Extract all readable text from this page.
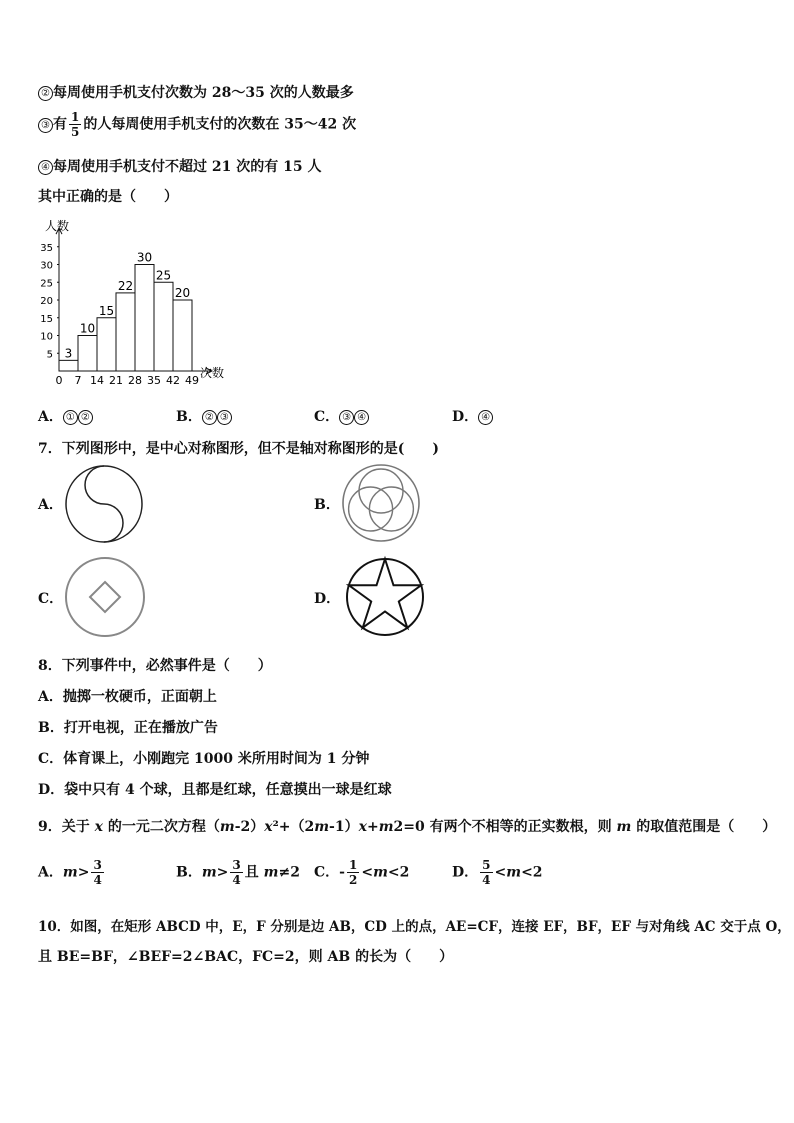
② 每周使用手机支付次数为 28～35 次的人数最多
③ 有 $\frac{1}{5}$ 的人每周使用手机支付的次数在 35～42 次
④ 每周使用手机支付不超过 21 次的有 15 人
其中正确的是（　　）
人数
次数
5
10
15
20
25
30
35
3
10
15
22
30
25
20
0 7 14 21 28 35 42 49
A． ① ②	B． ② ③	C． ③ ④	D． ④
7．下列图形中，是中心对称图形，但不是轴对称图形的是(　　)
A．	B．
C．	D．
8．下列事件中，必然事件是（　　）
A．抛掷一枚硬币，正面朝上
B．打开电视，正在播放广告
C．体育课上，小刚跑完 1000 米所用时间为 1 分钟
D．袋中只有 4 个球，且都是红球，任意摸出一球是红球
9．关于 x 的一元二次方程（m-2）x²+（2m-1）x+m2=0 有两个不相等的正实数根，则 m 的取值范围是（　　）
A．$m> \frac{3}{4}$	B．$m> \frac{3}{4}$ 且 m≠2 C．- $\frac{1}{2} <m<2$	D． $\frac{5}{4} <m<2$
10．如图，在矩形 ABCD 中，E，F 分别是边 AB，CD 上的点，AE=CF，连接 EF，BF，EF 与对角线 AC 交于点 O，
且 BE=BF，∠BEF=2∠BAC，FC=2，则 AB 的长为（　　）
